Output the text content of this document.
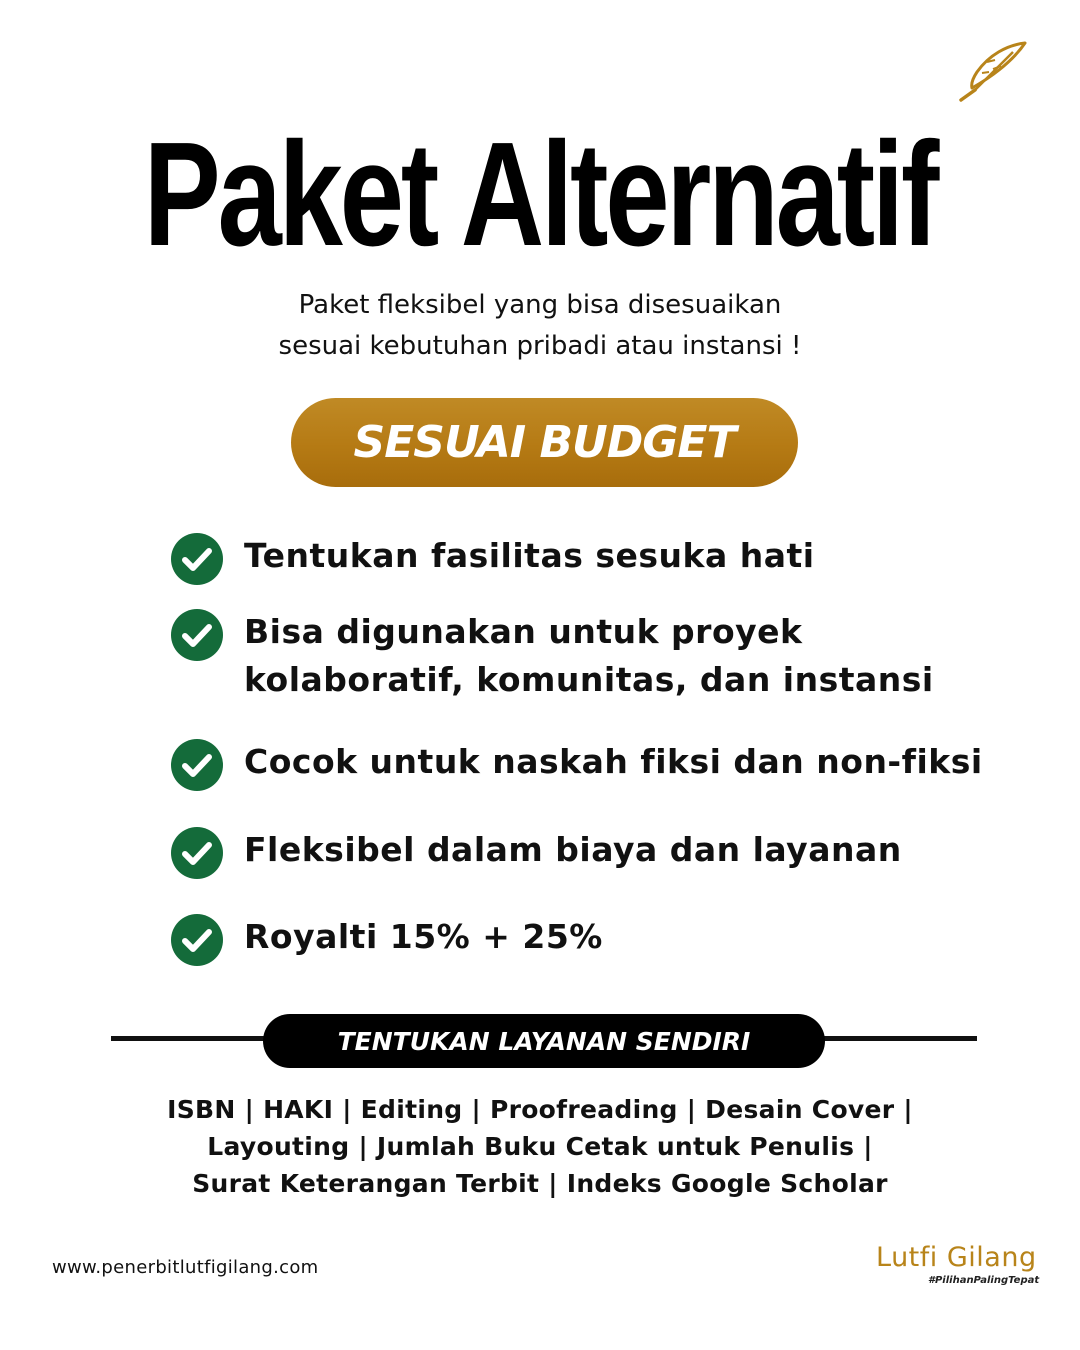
Paket Alternatif
Paket fleksibel yang bisa disesuaikan
sesuai kebutuhan pribadi atau instansi !
SESUAI BUDGET
Tentukan fasilitas sesuka hati
Bisa digunakan untuk proyek
kolaboratif, komunitas, dan instansi
Cocok untuk naskah fiksi dan non-fiksi
Fleksibel dalam biaya dan layanan
Royalti 15% + 25%
TENTUKAN LAYANAN SENDIRI
ISBN | HAKI | Editing | Proofreading | Desain Cover |
Layouting | Jumlah Buku Cetak untuk Penulis |
Surat Keterangan Terbit | Indeks Google Scholar
www.penerbitlutfigilang.com	Lutfi Gilang
#PilihanPalingTepat
